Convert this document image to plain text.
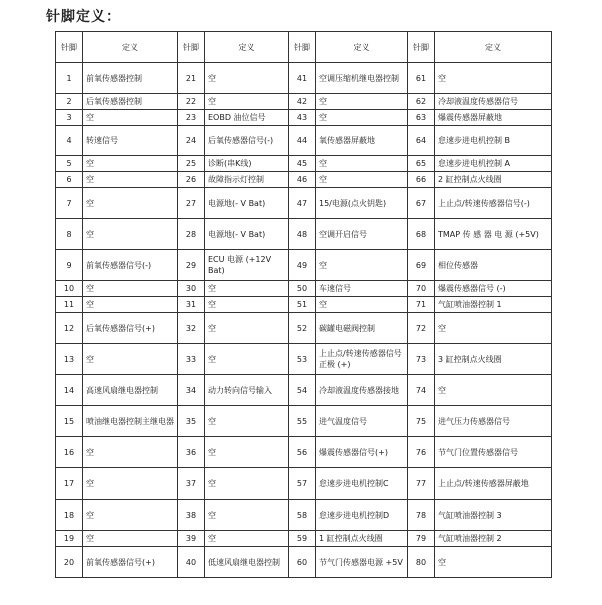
针脚定义：
针脚	定义	针脚	定义	针脚	定义	针脚	定义
1	前氧传感器控制	21	空	41	空调压缩机继电器控制	61	空
2	后氧传感器控制	22	空	42	空	62	冷却液温度传感器信号
3	空	23	EOBD 油位信号	43	空	63	爆震传感器屏蔽地
4	转速信号	24	后氧传感器信号(-)	44	氧传感器屏蔽地	64	怠速步进电机控制 B
5	空	25	诊断(串K线)	45	空	65	怠速步进电机控制 A
6	空	26	故障指示灯控制	46	空	66	2 缸控制点火线圈
7	空	27	电源地(- V Bat)	47	15/电源(点火钥匙)	67	上止点/转速传感器信号(-)
8	空	28	电源地(- V Bat)	48	空调开启信号	68	TMAP 传 感 器 电 源 (+5V)
9	前氧传感器信号(-)	29	ECU 电源 (+12V Bat)	49	空	69	相位传感器
10	空	30	空	50	车速信号	70	爆震传感器信号 (-)
11	空	31	空	51	空	71	气缸喷油器控制 1
12	后氧传感器信号(+)	32	空	52	碳罐电磁阀控制	72	空
13	空	33	空	53	上止点/转速传感器信号正极 (+)	73	3 缸控制点火线圈
14	高速风扇继电器控制	34	动力转向信号输入	54	冷却液温度传感器接地	74	空
15	喷油继电器控制主继电器	35	空	55	进气温度信号	75	进气压力传感器信号
16	空	36	空	56	爆震传感器信号(+)	76	节气门位置传感器信号
17	空	37	空	57	怠速步进电机控制C	77	上止点/转速传感器屏蔽地
18	空	38	空	58	怠速步进电机控制D	78	气缸喷油器控制 3
19	空	39	空	59	1 缸控制点火线圈	79	气缸喷油器控制 2
20	前氧传感器信号(+)	40	低速风扇继电器控制	60	节气门传感器电源 +5V	80	空
